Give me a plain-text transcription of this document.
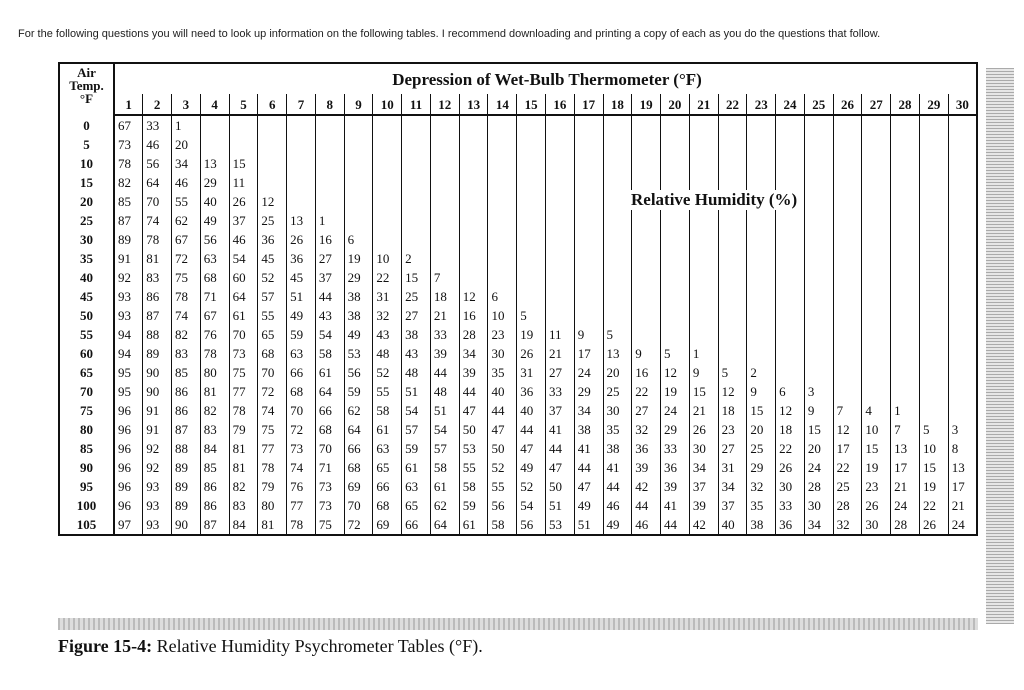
For the following questions you will need to look up information on the following tables. I recommend downloading and printing a copy of each as you do the questions that follow.
Air
Temp.
°F	Depression of Wet-Bulb Thermometer (°F)																													
	1	2	3	4	5	6	7	8	9	10	11	12	13	14	15	16	17	18	19	20	21	22	23	24	25	26	27	28	29	30
0	67	33	1																											
5	73	46	20																											
10	78	56	34	13	15																									
15	82	64	46	29	11																									
20	85	70	55	40	26	12																								
25	87	74	62	49	37	25	13	1																						
30	89	78	67	56	46	36	26	16	6																					
35	91	81	72	63	54	45	36	27	19	10	2																			
40	92	83	75	68	60	52	45	37	29	22	15	7																		
45	93	86	78	71	64	57	51	44	38	31	25	18	12	6																
50	93	87	74	67	61	55	49	43	38	32	27	21	16	10	5															
55	94	88	82	76	70	65	59	54	49	43	38	33	28	23	19	11	9	5												
60	94	89	83	78	73	68	63	58	53	48	43	39	34	30	26	21	17	13	9	5	1									
65	95	90	85	80	75	70	66	61	56	52	48	44	39	35	31	27	24	20	16	12	9	5	2							
70	95	90	86	81	77	72	68	64	59	55	51	48	44	40	36	33	29	25	22	19	15	12	9	6	3					
75	96	91	86	82	78	74	70	66	62	58	54	51	47	44	40	37	34	30	27	24	21	18	15	12	9	7	4	1		
80	96	91	87	83	79	75	72	68	64	61	57	54	50	47	44	41	38	35	32	29	26	23	20	18	15	12	10	7	5	3
85	96	92	88	84	81	77	73	70	66	63	59	57	53	50	47	44	41	38	36	33	30	27	25	22	20	17	15	13	10	8
90	96	92	89	85	81	78	74	71	68	65	61	58	55	52	49	47	44	41	39	36	34	31	29	26	24	22	19	17	15	13
95	96	93	89	86	82	79	76	73	69	66	63	61	58	55	52	50	47	44	42	39	37	34	32	30	28	25	23	21	19	17
100	96	93	89	86	83	80	77	73	70	68	65	62	59	56	54	51	49	46	44	41	39	37	35	33	30	28	26	24	22	21
105	97	93	90	87	84	81	78	75	72	69	66	64	61	58	56	53	51	49	46	44	42	40	38	36	34	32	30	28	26	24
Relative Humidity (%)
Figure 15-4: Relative Humidity Psychrometer Tables (°F).
